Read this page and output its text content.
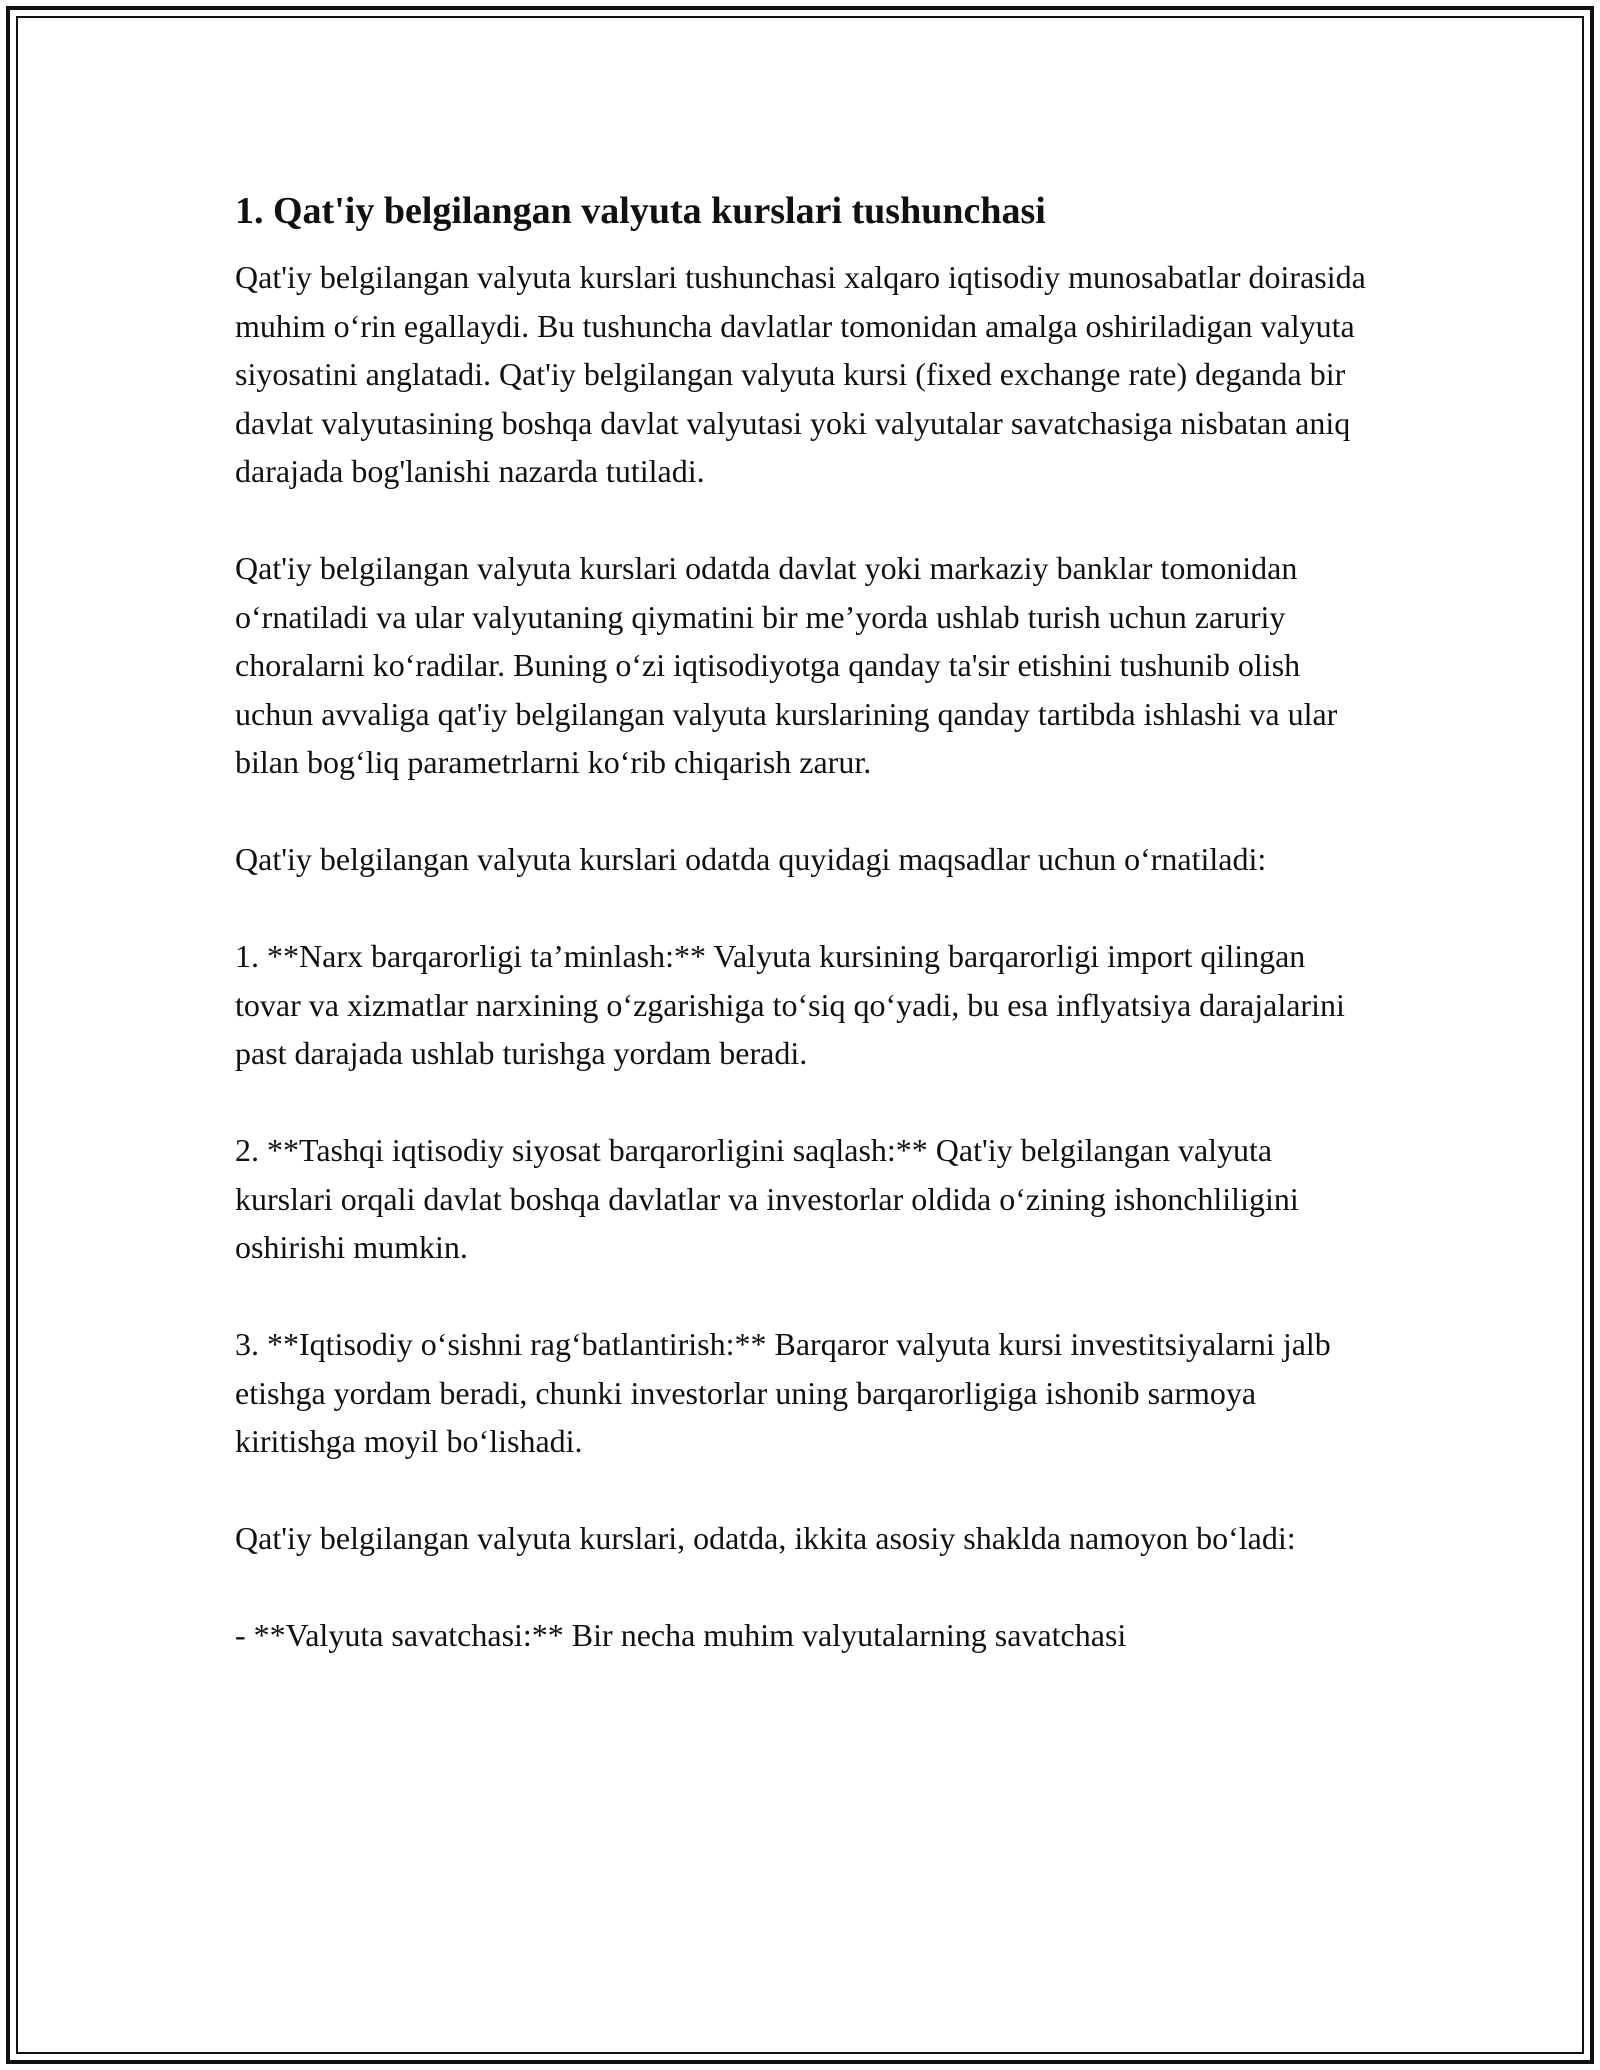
1. Qat'iy belgilangan valyuta kurslari tushunchasi

Qat'iy belgilangan valyuta kurslari tushunchasi xalqaro iqtisodiy munosabatlar doirasida muhim o‘rin egallaydi. Bu tushuncha davlatlar tomonidan amalga oshiriladigan valyuta siyosatini anglatadi. Qat'iy belgilangan valyuta kursi (fixed exchange rate) deganda bir davlat valyutasining boshqa davlat valyutasi yoki valyutalar savatchasiga nisbatan aniq darajada bog'lanishi nazarda tutiladi.

Qat'iy belgilangan valyuta kurslari odatda davlat yoki markaziy banklar tomonidan o‘rnatiladi va ular valyutaning qiymatini bir me’yorda ushlab turish uchun zaruriy choralarni ko‘radilar. Buning o‘zi iqtisodiyotga qanday ta'sir etishini tushunib olish uchun avvaliga qat'iy belgilangan valyuta kurslarining qanday tartibda ishlashi va ular bilan bog‘liq parametrlarni ko‘rib chiqarish zarur.

Qat'iy belgilangan valyuta kurslari odatda quyidagi maqsadlar uchun o‘rnatiladi:

1. **Narx barqarorligi ta’minlash:** Valyuta kursining barqarorligi import qilingan tovar va xizmatlar narxining o‘zgarishiga to‘siq qo‘yadi, bu esa inflyatsiya darajalarini past darajada ushlab turishga yordam beradi.

2. **Tashqi iqtisodiy siyosat barqarorligini saqlash:** Qat'iy belgilangan valyuta kurslari orqali davlat boshqa davlatlar va investorlar oldida o‘zining ishonchliligini oshirishi mumkin.

3. **Iqtisodiy o‘sishni rag‘batlantirish:** Barqaror valyuta kursi investitsiyalarni jalb etishga yordam beradi, chunki investorlar uning barqarorligiga ishonib sarmoya kiritishga moyil bo‘lishadi.

Qat'iy belgilangan valyuta kurslari, odatda, ikkita asosiy shaklda namoyon bo‘ladi:

- **Valyuta savatchasi:** Bir necha muhim valyutalarning savatchasi
